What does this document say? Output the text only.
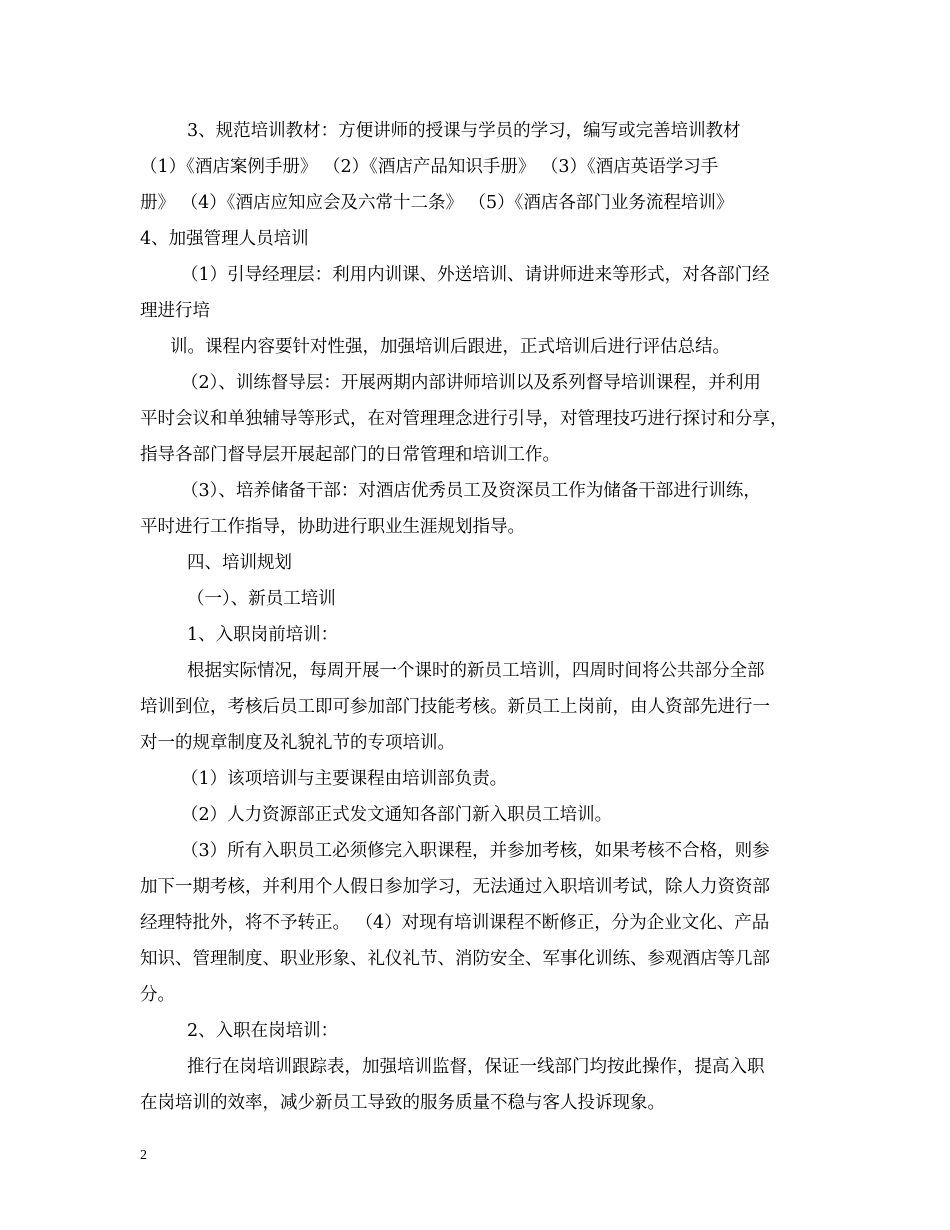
3、规范培训教材：方便讲师的授课与学员的学习，编写或完善培训教材
（1）《酒店案例手册》 （2）《酒店产品知识手册》 （3）《酒店英语学习手
册》 （4）《酒店应知应会及六常十二条》 （5）《酒店各部门业务流程培训》
4、加强管理人员培训
（1）引导经理层：利用内训课、外送培训、请讲师进来等形式，对各部门经
理进行培
训。课程内容要针对性强，加强培训后跟进，正式培训后进行评估总结。
（2）、训练督导层：开展两期内部讲师培训以及系列督导培训课程，并利用
平时会议和单独辅导等形式，在对管理理念进行引导，对管理技巧进行探讨和分享，
指导各部门督导层开展起部门的日常管理和培训工作。
（3）、培养储备干部：对酒店优秀员工及资深员工作为储备干部进行训练，
平时进行工作指导，协助进行职业生涯规划指导。
四、培训规划
（一）、新员工培训
1、入职岗前培训：
根据实际情况，每周开展一个课时的新员工培训，四周时间将公共部分全部
培训到位，考核后员工即可参加部门技能考核。新员工上岗前，由人资部先进行一
对一的规章制度及礼貌礼节的专项培训。
（1）该项培训与主要课程由培训部负责。
（2）人力资源部正式发文通知各部门新入职员工培训。
（3）所有入职员工必须修完入职课程，并参加考核，如果考核不合格，则参
加下一期考核，并利用个人假日参加学习，无法通过入职培训考试，除人力资资部
经理特批外，将不予转正。 （4）对现有培训课程不断修正，分为企业文化、产品
知识、管理制度、职业形象、礼仪礼节、消防安全、军事化训练、参观酒店等几部
分。
2、入职在岗培训：
推行在岗培训跟踪表，加强培训监督，保证一线部门均按此操作，提高入职
在岗培训的效率，减少新员工导致的服务质量不稳与客人投诉现象。
2
